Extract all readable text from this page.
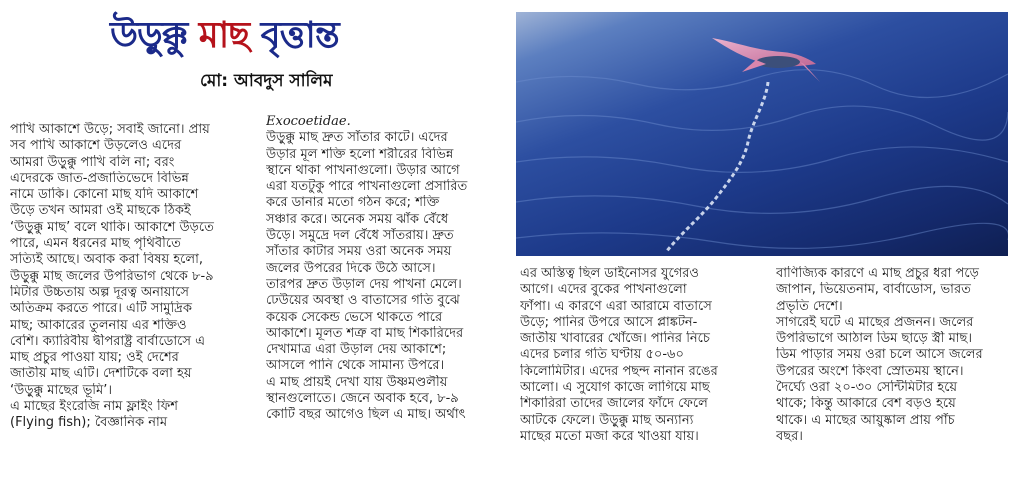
উড়ুক্কু মাছ বৃত্তান্ত
মো: আবদুস সালিম

পাখি আকাশে উড়ে; সবাই জানো। প্রায়

সব পাখি আকাশে উড়লেও এদের

আমরা উড়ুক্কু পাখি বলি না; বরং

এদেরকে জাত-প্রজাতিভেদে বিভিন্ন

নামে ডাকি। কোনো মাছ যদি আকাশে

উড়ে তখন আমরা ওই মাছকে ঠিকই

‘উড়ুক্কু মাছ’ বলে থাকি। আকাশে উড়তে

পারে, এমন ধরনের মাছ পৃথিবীতে

সত্যিই আছে। অবাক করা বিষয় হলো,

উড়ুক্কু মাছ জলের উপরিভাগ থেকে ৮-৯

মিটার উচ্চতায় অল্প দূরত্ব অনায়াসে

অতিক্রম করতে পারে। এটি সামুদ্রিক

মাছ; আকারের তুলনায় এর শক্তিও

বেশি। ক্যারিবীয় দ্বীপরাষ্ট্র বার্বাডোসে এ

মাছ প্রচুর পাওয়া যায়; ওই দেশের

জাতীয় মাছ এটি। দেশটিকে বলা হয়

‘উড়ুক্কু মাছের ভূমি’।

এ মাছের ইংরেজি নাম ফ্লাইং ফিশ

(Flying fish); বৈজ্ঞানিক নাম

Exocoetidae.

উড়ুক্কু মাছ দ্রুত সাঁতার কাটে। এদের

উড়ার মূল শক্তি হলো শরীরের বিভিন্ন

স্থানে থাকা পাখনাগুলো। উড়ার আগে

এরা যতটুকু পারে পাখনাগুলো প্রসারিত

করে ডানার মতো গঠন করে; শক্তি

সঞ্চার করে। অনেক সময় ঝাঁক বেঁধে

উড়ে। সমুদ্রে দল বেঁধে সাঁতরায়। দ্রুত

সাঁতার কাটার সময় ওরা অনেক সময়

জলের উপরের দিকে উঠে আসে।

তারপর দ্রুত উড়াল দেয় পাখনা মেলে।

ঢেউয়ের অবস্থা ও বাতাসের গতি বুঝে

কয়েক সেকেন্ড ভেসে থাকতে পারে

আকাশে। মূলত শত্রু বা মাছ শিকারিদের

দেখামাত্র এরা উড়াল দেয় আকাশে;

আসলে পানি থেকে সামান্য উপরে।

এ মাছ প্রায়ই দেখা যায় উষ্ণমণ্ডলীয়

স্থানগুলোতে। জেনে অবাক হবে, ৮-৯

কোটি বছর আগেও ছিল এ মাছ। অর্থাৎ

এর অস্তিত্ব ছিল ডাইনোসর যুগেরও

আগে। এদের বুকের পাখনাগুলো

ফাঁপা। এ কারণে এরা আরামে বাতাসে

উড়ে; পানির উপরে আসে প্লাঙ্কটন-

জাতীয় খাবারের খোঁজে। পানির নিচে

এদের চলার গতি ঘণ্টায় ৫০-৬০

কিলোমিটার। এদের পছন্দ নানান রঙের

আলো। এ সুযোগ কাজে লাগিয়ে মাছ

শিকারিরা তাদের জালের ফাঁদে ফেলে

আটকে ফেলে। উড়ুক্কু মাছ অন্যান্য

মাছের মতো মজা করে খাওয়া যায়।

বাণিজ্যিক কারণে এ মাছ প্রচুর ধরা পড়ে

জাপান, ভিয়েতনাম, বার্বাডোস, ভারত

প্রভৃতি দেশে।

সাগরেই ঘটে এ মাছের প্রজনন। জলের

উপরিভাগে আঠাল ডিম ছাড়ে স্ত্রী মাছ।

ডিম পাড়ার সময় ওরা চলে আসে জলের

উপরের অংশে কিংবা স্রোতময় স্থানে।

দৈর্ঘ্যে ওরা ২০-৩০ সেন্টিমিটার হয়ে

থাকে; কিন্তু আকারে বেশ বড়ও হয়ে

থাকে। এ মাছের আয়ুষ্কাল প্রায় পাঁচ

বছর।
